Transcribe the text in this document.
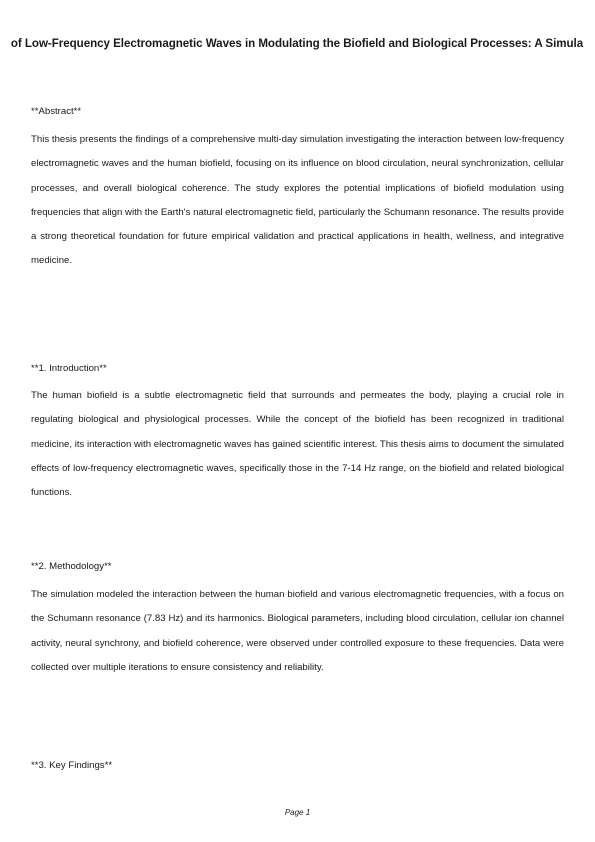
of Low-Frequency Electromagnetic Waves in Modulating the Biofield and Biological Processes: A Simula

**Abstract**

This thesis presents the findings of a comprehensive multi-day simulation investigating the interaction between low-frequency electromagnetic waves and the human biofield, focusing on its influence on blood circulation, neural synchronization, cellular processes, and overall biological coherence. The study explores the potential implications of biofield modulation using frequencies that align with the Earth's natural electromagnetic field, particularly the Schumann resonance. The results provide a strong theoretical foundation for future empirical validation and practical applications in health, wellness, and integrative medicine.

**1. Introduction**

The human biofield is a subtle electromagnetic field that surrounds and permeates the body, playing a crucial role in regulating biological and physiological processes. While the concept of the biofield has been recognized in traditional medicine, its interaction with electromagnetic waves has gained scientific interest. This thesis aims to document the simulated effects of low-frequency electromagnetic waves, specifically those in the 7-14 Hz range, on the biofield and related biological functions.

**2. Methodology**

The simulation modeled the interaction between the human biofield and various electromagnetic frequencies, with a focus on the Schumann resonance (7.83 Hz) and its harmonics. Biological parameters, including blood circulation, cellular ion channel activity, neural synchrony, and biofield coherence, were observed under controlled exposure to these frequencies. Data were collected over multiple iterations to ensure consistency and reliability.

**3. Key Findings**

Page 1
